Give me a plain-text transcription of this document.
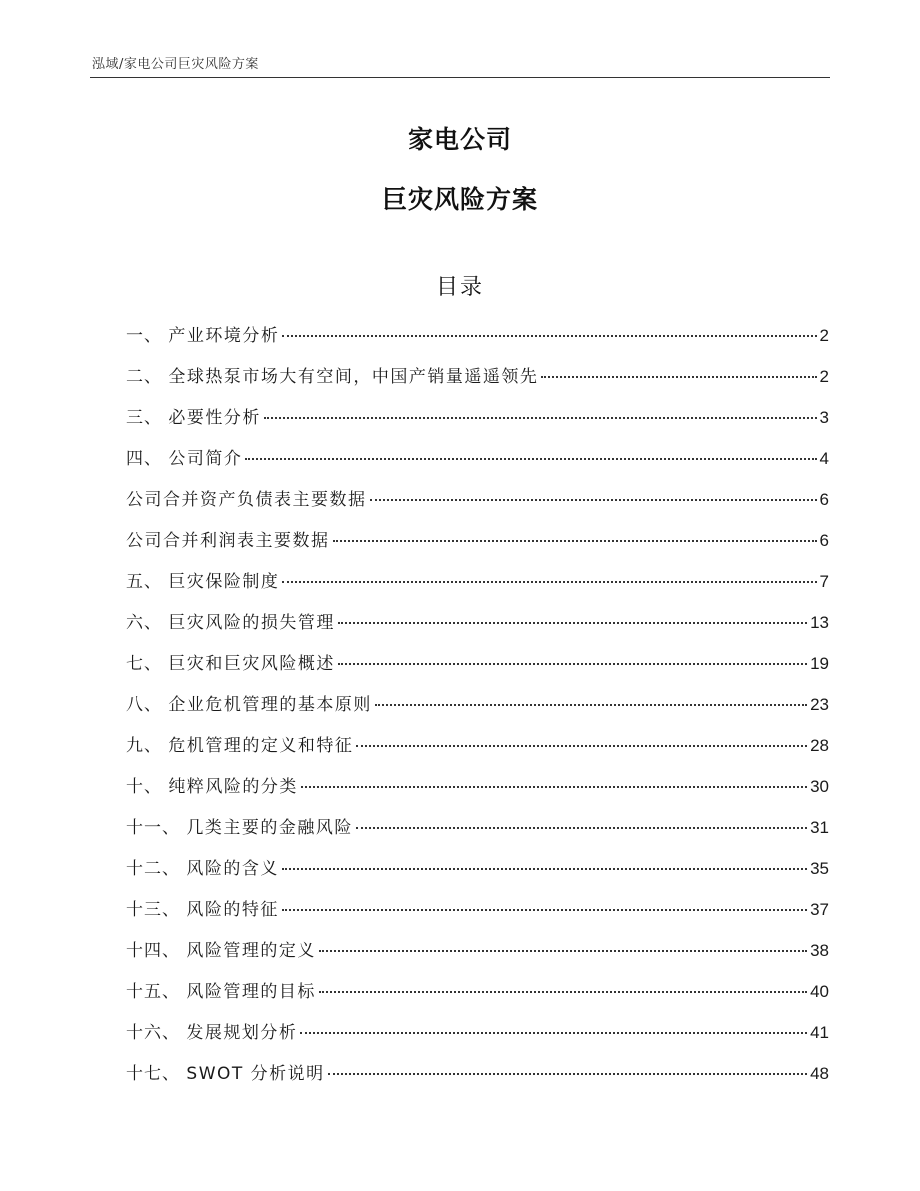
泓域/家电公司巨灾风险方案
家电公司
巨灾风险方案
目录
一、 产业环境分析	2
二、 全球热泵市场大有空间，中国产销量遥遥领先	2
三、 必要性分析	3
四、 公司简介	4
公司合并资产负债表主要数据	6
公司合并利润表主要数据	6
五、 巨灾保险制度	7
六、 巨灾风险的损失管理	13
七、 巨灾和巨灾风险概述	19
八、 企业危机管理的基本原则	23
九、 危机管理的定义和特征	28
十、 纯粹风险的分类	30
十一、 几类主要的金融风险	31
十二、 风险的含义	35
十三、 风险的特征	37
十四、 风险管理的定义	38
十五、 风险管理的目标	40
十六、 发展规划分析	41
十七、 SWOT 分析说明	48
